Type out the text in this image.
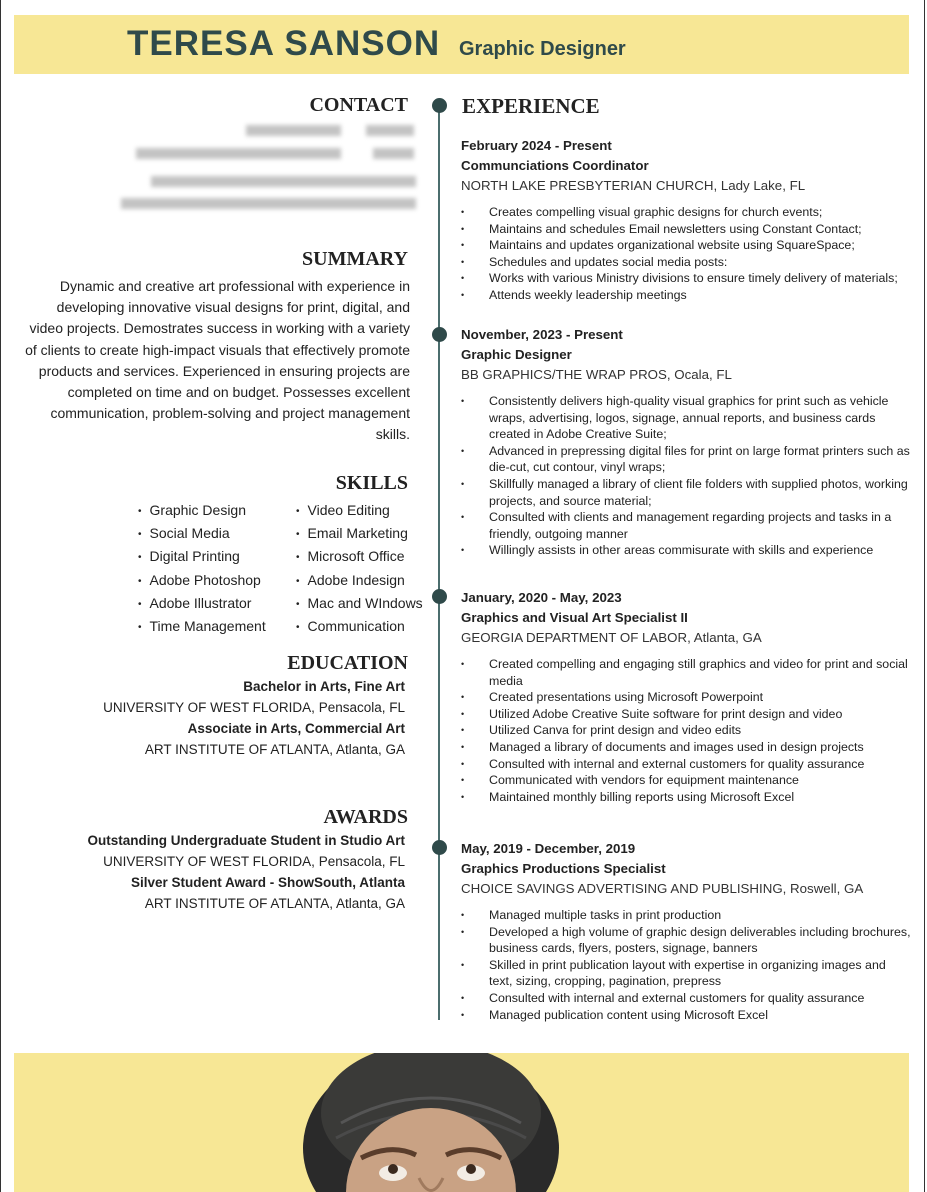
TERESA SANSON Graphic Designer
CONTACT
SUMMARY
Dynamic and creative art professional with experience in developing innovative visual designs for print, digital, and video projects. Demostrates success in working with a variety of clients to create high-impact visuals that effectively promote products and services. Experienced in ensuring projects are completed on time and on budget. Possesses excellent communication, problem-solving and project management skills.
SKILLS
• Graphic Design
• Social Media
• Digital Printing
• Adobe Photoshop
• Adobe Illustrator
• Time Management
• Video Editing
• Email Marketing
• Microsoft Office
• Adobe Indesign
• Mac and WIndows
• Communication
EDUCATION
Bachelor in Arts, Fine Art
UNIVERSITY OF WEST FLORIDA, Pensacola, FL
Associate in Arts, Commercial Art
ART INSTITUTE OF ATLANTA, Atlanta, GA
AWARDS
Outstanding Undergraduate Student in Studio Art
UNIVERSITY OF WEST FLORIDA, Pensacola, FL
Silver Student Award - ShowSouth, Atlanta
ART INSTITUTE OF ATLANTA, Atlanta, GA
EXPERIENCE
February 2024 - Present
Communciations Coordinator
NORTH LAKE PRESBYTERIAN CHURCH, Lady Lake, FL
• Creates compelling visual graphic designs for church events;
• Maintains and schedules Email newsletters using Constant Contact;
• Maintains and updates organizational website using SquareSpace;
• Schedules and updates social media posts:
• Works with various Ministry divisions to ensure timely delivery of materials;
• Attends weekly leadership meetings
November, 2023 - Present
Graphic Designer
BB GRAPHICS/THE WRAP PROS, Ocala, FL
• Consistently delivers high-quality visual graphics for print such as vehicle wraps, advertising, logos, signage, annual reports, and business cards created in Adobe Creative Suite;
• Advanced in prepressing digital files for print on large format printers such as die-cut, cut contour, vinyl wraps;
• Skillfully managed a library of client file folders with supplied photos, working projects, and source material;
• Consulted with clients and management regarding projects and tasks in a friendly, outgoing manner
• Willingly assists in other areas commisurate with skills and experience
January, 2020 - May, 2023
Graphics and Visual Art Specialist II
GEORGIA DEPARTMENT OF LABOR, Atlanta, GA
• Created compelling and engaging still graphics and video for print and social media
• Created presentations using Microsoft Powerpoint
• Utilized Adobe Creative Suite software for print design and video
• Utilized Canva for print design and video edits
• Managed a library of documents and images used in design projects
• Consulted with internal and external customers for quality assurance
• Communicated with vendors for equipment maintenance
• Maintained monthly billing reports using Microsoft Excel
May, 2019 - December, 2019
Graphics Productions Specialist
CHOICE SAVINGS ADVERTISING AND PUBLISHING, Roswell, GA
• Managed multiple tasks in print production
• Developed a high volume of graphic design deliverables including brochures, business cards, flyers, posters, signage, banners
• Skilled in print publication layout with expertise in organizing images and text, sizing, cropping, pagination, prepress
• Consulted with internal and external customers for quality assurance
• Managed publication content using Microsoft Excel
